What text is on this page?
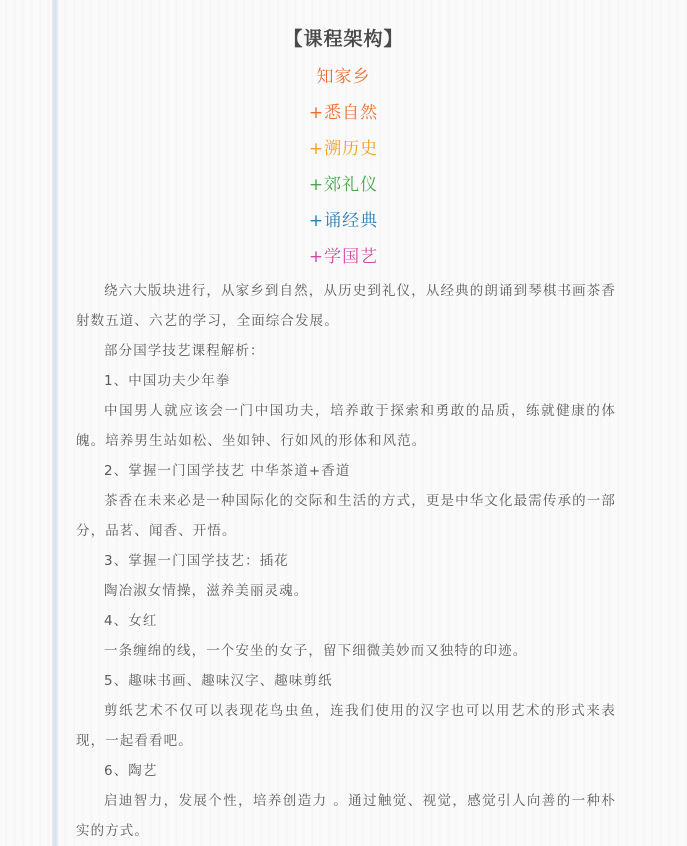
【课程架构】
知家乡
+悉自然
+溯历史
+郊礼仪
+诵经典
+学国艺

绕六大版块进行，从家乡到自然，从历史到礼仪，从经典的朗诵到琴棋书画茶香射数五道、六艺的学习，全面综合发展。

部分国学技艺课程解析：

1、中国功夫少年拳

中国男人就应该会一门中国功夫，培养敢于探索和勇敢的品质，练就健康的体魄。培养男生站如松、坐如钟、行如风的形体和风范。

2、掌握一门国学技艺 中华茶道+香道

茶香在未来必是一种国际化的交际和生活的方式，更是中华文化最需传承的一部分，品茗、闻香、开悟。

3、掌握一门国学技艺：插花

陶冶淑女情操，滋养美丽灵魂。

4、女红

一条缠绵的线，一个安坐的女子，留下细微美妙而又独特的印迹。

5、趣味书画、趣味汉字、趣味剪纸

剪纸艺术不仅可以表现花鸟虫鱼，连我们使用的汉字也可以用艺术的形式来表现，一起看看吧。

6、陶艺

启迪智力，发展个性，培养创造力 。通过触觉、视觉，感觉引人向善的一种朴实的方式。
